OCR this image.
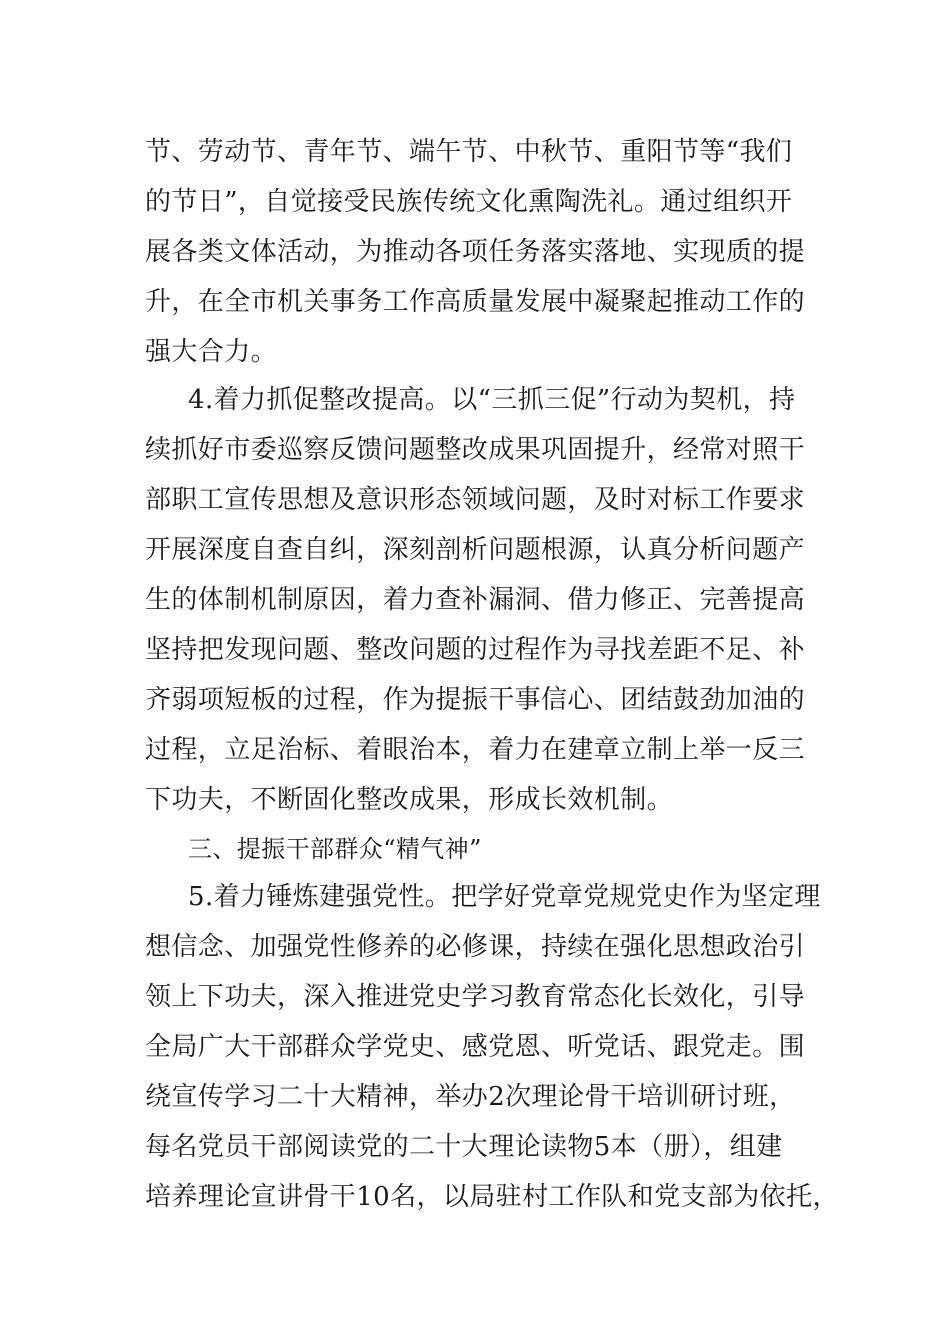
节、劳动节、青年节、端午节、中秋节、重阳节等“我们
的节日”，自觉接受民族传统文化熏陶洗礼。通过组织开
展各类文体活动，为推动各项任务落实落地、实现质的提
升，在全市机关事务工作高质量发展中凝聚起推动工作的
强大合力。
4.着力抓促整改提高。以“三抓三促”行动为契机，持
续抓好市委巡察反馈问题整改成果巩固提升，经常对照干
部职工宣传思想及意识形态领域问题，及时对标工作要求
开展深度自查自纠，深刻剖析问题根源，认真分析问题产
生的体制机制原因，着力查补漏洞、借力修正、完善提高
坚持把发现问题、整改问题的过程作为寻找差距不足、补
齐弱项短板的过程，作为提振干事信心、团结鼓劲加油的
过程，立足治标、着眼治本，着力在建章立制上举一反三
下功夫，不断固化整改成果，形成长效机制。
三、提振干部群众“精气神”
5.着力锤炼建强党性。把学好党章党规党史作为坚定理
想信念、加强党性修养的必修课，持续在强化思想政治引
领上下功夫，深入推进党史学习教育常态化长效化，引导
全局广大干部群众学党史、感党恩、听党话、跟党走。围
绕宣传学习二十大精神，举办2次理论骨干培训研讨班，
每名党员干部阅读党的二十大理论读物5本（册），组建
培养理论宣讲骨干10名，以局驻村工作队和党支部为依托，
